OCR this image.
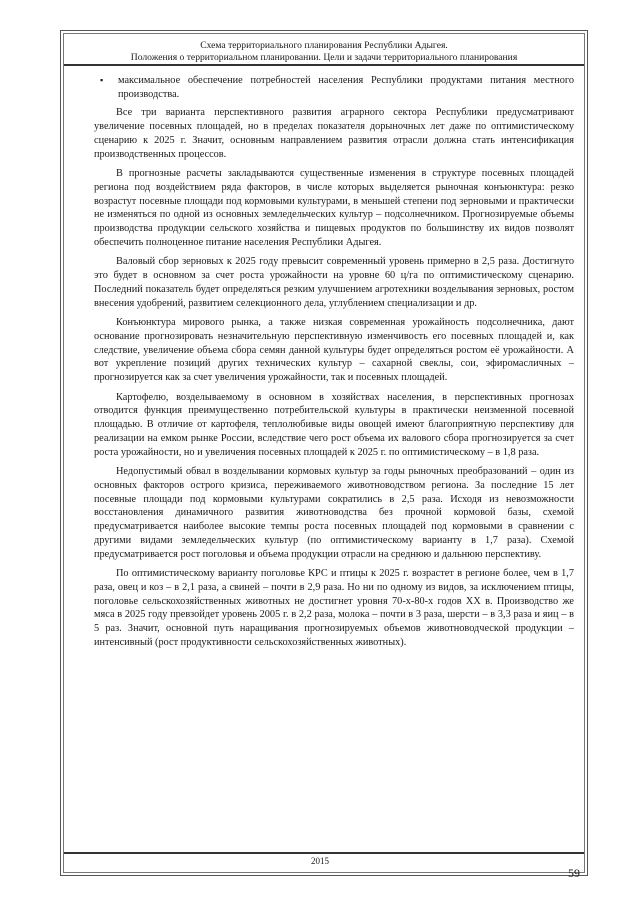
Схема территориального планирования Республики Адыгея.
Положения о территориальном планировании. Цели и задачи территориального планирования
▪ максимальное обеспечение потребностей населения Республики продуктами питания местного производства.

Все три варианта перспективного развития аграрного сектора Республики предусматривают увеличение посевных площадей, но в пределах показателя дорыночных лет даже по оптимистическому сценарию к 2025 г. Значит, основным направлением развития отрасли должна стать интенсификация производственных процессов.

В прогнозные расчеты закладываются существенные изменения в структуре посевных площадей регионa под воздействием ряда факторов, в числе которых выделяется рыночная конъюнктура: резко возрастут посевные площади под кормовыми культурами, в меньшей степени под зерновыми и практически не изменяться по одной из основных земледельческих культур – подсолнечником. Прогнозируемые объемы производства продукции сельского хозяйства и пищевых продуктов по большинству их видов позволят обеспечить полноценное питание населения Республики Адыгея.

Валовый сбор зерновых к 2025 году превысит современный уровень примерно в 2,5 раза. Достигнуто это будет в основном за счет роста урожайности на уровне 60 ц/га по оптимистическому сценарию. Последний показатель будет определяться резким улучшением агротехники возделывания зерновых, ростом внесения удобрений, развитием селекционного дела, углублением специализации и др.

Конъюнктура мирового рынка, а также низкая современная урожайность подсолнечника, дают основание прогнозировать незначительную перспективную изменчивость его посевных площадей и, как следствие, увеличение объема сбора семян данной культуры будет определяться ростом её урожайности. А вот укрепление позиций других технических культур – сахарной свеклы, сои, эфиромасличных – прогнозируется как за счет увеличения урожайности, так и посевных площадей.

Картофелю, возделываемому в основном в хозяйствах населения, в перспективных прогнозах отводится функция преимущественно потребительской культуры в практически неизменной посевной площадью. В отличие от картофеля, теплолюбивые виды овощей имеют благоприятную перспективу для реализации на емком рынке России, вследствие чего рост объема их валового сбора прогнозируется за счет роста урожайности, но и увеличения посевных площадей к 2025 г. по оптимистическому – в 1,8 раза.

Недопустимый обвал в возделывании кормовых культур за годы рыночных преобразований – один из основных факторов острого кризиса, переживаемого животноводством региона. За последние 15 лет посевные площади под кормовыми культурами сократились в 2,5 раза. Исходя из невозможности восстановления динамичного развития животноводства без прочной кормовой базы, схемой предусматривается наиболее высокие темпы роста посевных площадей под кормовыми в сравнении с другими видами земледельческих культур (по оптимистическому варианту в 1,7 раза). Схемой предусматривается рост поголовья и объема продукции отрасли на среднюю и дальнюю перспективу.

По оптимистическому варианту поголовье КРС и птицы к 2025 г. возрастет в регионе более, чем в 1,7 раза, овец и коз – в 2,1 раза, а свиней – почти в 2,9 раза. Но ни по одному из видов, за исключением птицы, поголовье сельскохозяйственных животных не достигнет уровня 70-х-80-х годов XX в. Производство же мяса в 2025 году превзойдет уровень 2005 г. в 2,2 раза, молока – почти в 3 раза, шерсти – в 3,3 раза и яиц – в 5 раз. Значит, основной путь наращивания прогнозируемых объемов животноводческой продукции – интенсивный (рост продуктивности сельскохозяйственных животных).

2015
59
